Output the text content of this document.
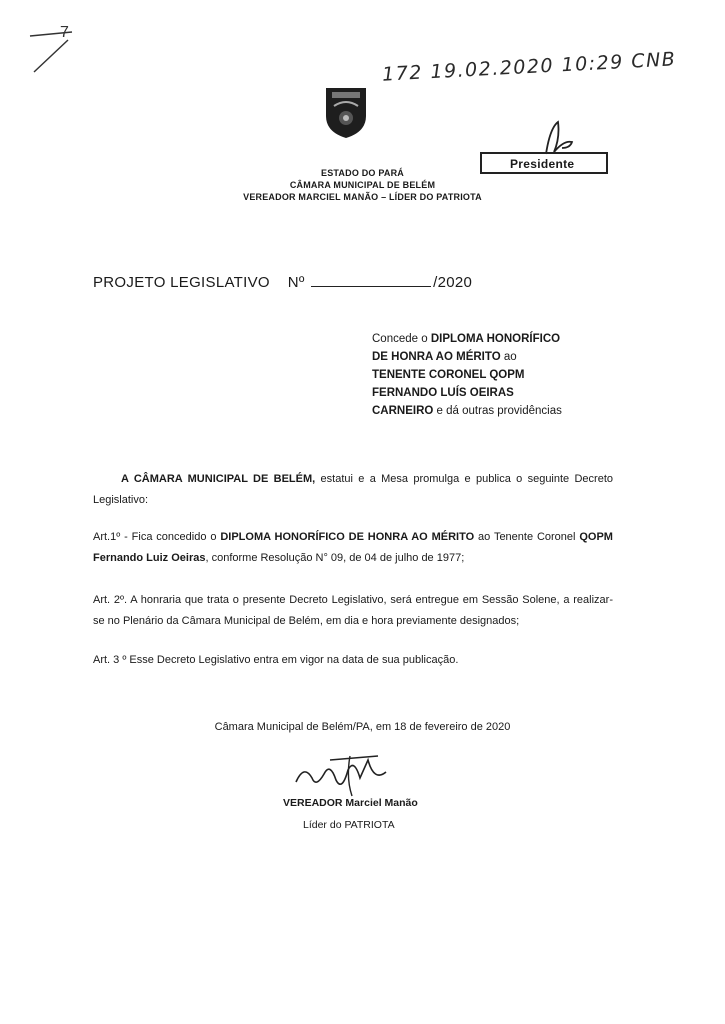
7
172 19.02.2020 10:29 CNB
Presidente
ESTADO DO PARÁ
CÂMARA MUNICIPAL DE BELÉM
VEREADOR MARCIEL MANÃO – LÍDER DO PATRIOTA
PROJETO LEGISLATIVO Nº	/2020
Concede o DIPLOMA HONORÍFICO DE HONRA AO MÉRITO ao TENENTE CORONEL QOPM FERNANDO LUÍS OEIRAS CARNEIRO e dá outras providências
A CÂMARA MUNICIPAL DE BELÉM, estatui e a Mesa promulga e publica o seguinte Decreto Legislativo:
Art.1º - Fica concedido o DIPLOMA HONORÍFICO DE HONRA AO MÉRITO ao Tenente Coronel QOPM Fernando Luiz Oeiras, conforme Resolução N° 09, de 04 de julho de 1977;
Art. 2º. A honraria que trata o presente Decreto Legislativo, será entregue em Sessão Solene, a realizar-se no Plenário da Câmara Municipal de Belém, em dia e hora previamente designados;
Art. 3 º Esse Decreto Legislativo entra em vigor na data de sua publicação.
Câmara Municipal de Belém/PA, em 18 de fevereiro de 2020
VEREADOR Marciel Manão
Líder do PATRIOTA
